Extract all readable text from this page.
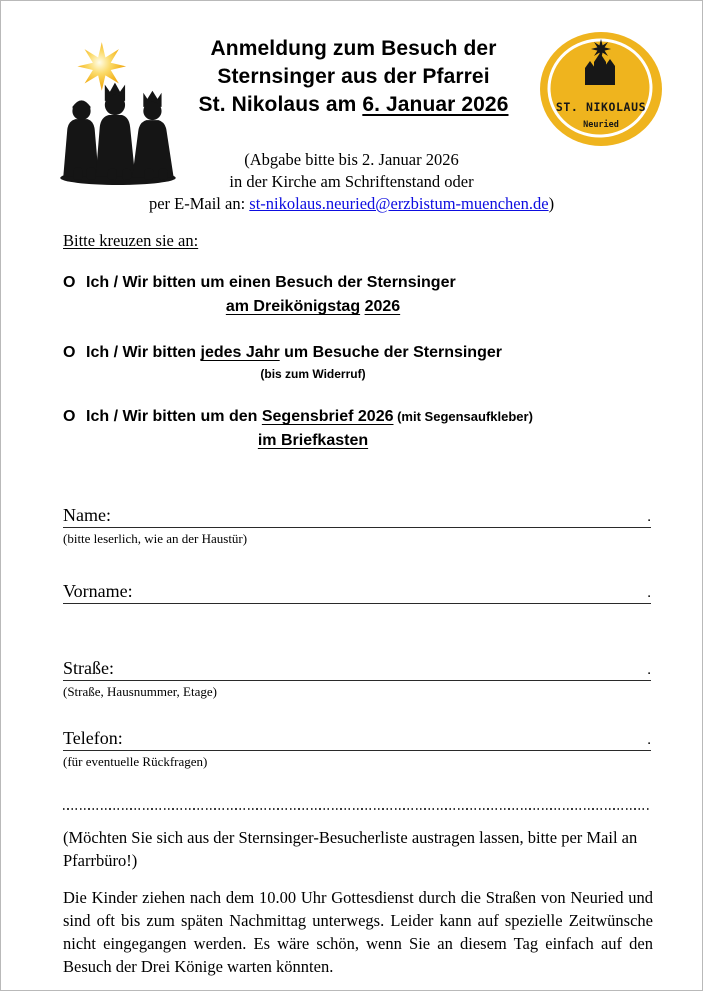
Anmeldung zum Besuch der
Sternsinger aus der Pfarrei
St. Nikolaus am 6. Januar 2026	ST. NIKOLAUS
Neuried
(Abgabe bitte bis 2. Januar 2026
in der Kirche am Schriftenstand oder
per E-Mail an: st-nikolaus.neuried@erzbistum-muenchen.de)
Bitte kreuzen sie an:
O Ich / Wir bitten um einen Besuch der Sternsinger
am Dreikönigstag 2026
O Ich / Wir bitten jedes Jahr um Besuche der Sternsinger
(bis zum Widerruf)
O Ich / Wir bitten um den Segensbrief 2026 (mit Segensaufkleber)
im Briefkasten
Name:	.
(bitte leserlich, wie an der Haustür)
Vorname:	.
Straße:	.
(Straße, Hausnummer, Etage)
Telefon:	.
(für eventuelle Rückfragen)
(Möchten Sie sich aus der Sternsinger-Besucherliste austragen lassen, bitte per Mail an Pfarrbüro!)
Die Kinder ziehen nach dem 10.00 Uhr Gottesdienst durch die Straßen von Neuried und sind oft bis zum späten Nachmittag unterwegs. Leider kann auf spezielle Zeitwünsche nicht eingegangen werden. Es wäre schön, wenn Sie an diesem Tag einfach auf den Besuch der Drei Könige warten könnten.
